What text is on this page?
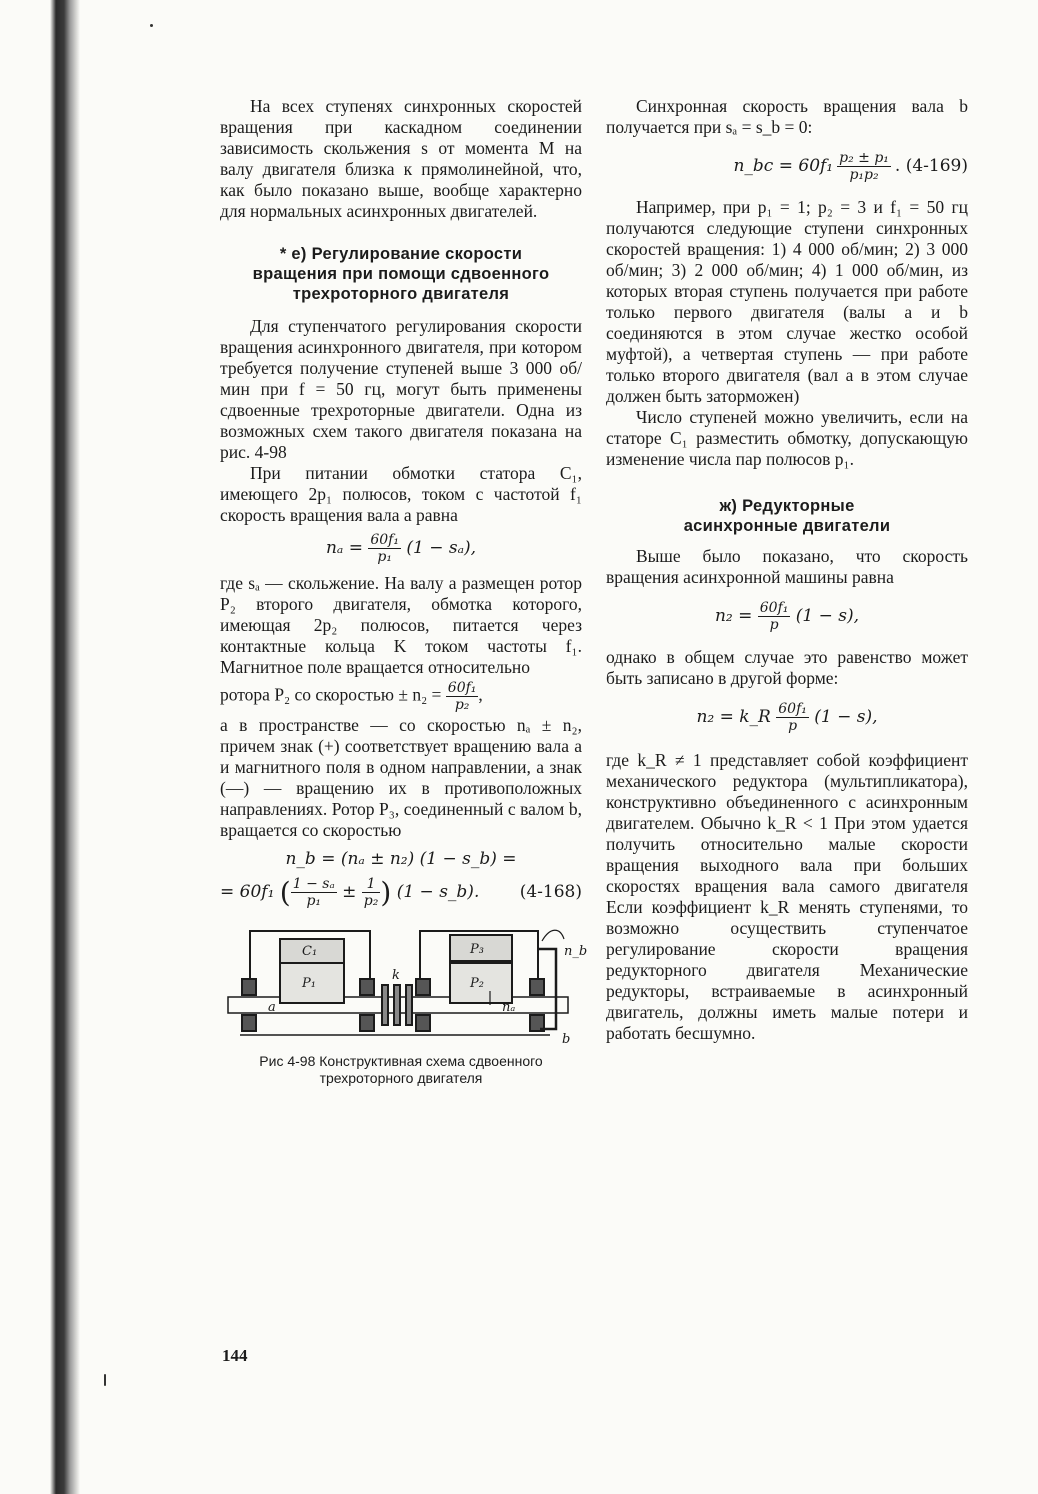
На всех ступенях синхронных скоростей вращения при каскадном соединении зависимость скольжения s от момента M на валу двигателя близка к прямолинейной, что, как было показано выше, вообще характерно для нормальных асинхронных двигателей.

* е) Регулирование скорости
вращения при помощи сдвоенного
трехроторного двигателя

Для ступенчатого регулирования скорости вращения асинхронного двигателя, при котором требуется получение ступеней выше 3 000 об/мин при f = 50 гц, могут быть применены сдвоенные трехроторные двигатели. Одна из возможных схем такого двигателя показана на рис. 4-98

При питании обмотки статора C₁, имеющего 2p₁ полюсов, током с частотой f₁ скорость вращения вала a равна

$n_a = \frac{\text{60f₁}}{\text{p₁}} (1 - s_a)$,

где sₐ — скольжение. На валу a размещен ротор P₂ второго двигателя, обмотка которого, имеющая 2p₂ полюсов, питается через контактные кольца K током частоты f₁. Магнитное поле вращается относительно

ротора P₂ со скоростью ± $n_2 = \frac{\text{60f₁}}{\text{p₂}}$ ,

а в пространстве — со скоростью nₐ ± n₂, причем знак (+) соответствует вращению вала a и магнитного поля в одном направлении, а знак (—) — вращению их в противоположных направлениях. Ротор P₃, соединенный с валом b, вращается со скоростью

n_b = (nₐ ± n₂) (1 − s_b) =
= 60f₁ ( $\frac{\text{1 − sₐ}}{\text{p₁}} \pm \frac{1}{\text{p₂}}$ ) (1 − s_b). (4-168)
C₁
P₁
P₃
P₂
k
a
b
n_b
nₐ
Рис 4-98 Конструктивная схема сдвоенного
трехроторного двигателя
144

Синхронная скорость вращения вала b получается при sₐ = s_b = 0:

n_bc = $60f_1 \frac{\text{p₂ ± p₁}}{\text{p₁p₂}}$ . (4-169)

Например, при p₁ = 1; p₂ = 3 и f₁ = 50 гц получаются следующие ступени синхронных скоростей вращения: 1) 4 000 об/мин; 2) 3 000 об/мин; 3) 2 000 об/мин; 4) 1 000 об/мин, из которых вторая ступень получается при работе только первого двигателя (валы a и b соединяются в этом случае жестко особой муфтой), а четвертая ступень — при работе только второго двигателя (вал a в этом случае должен быть заторможен)

Число ступеней можно увеличить, если на статоре C₁ разместить обмотку, допускающую изменение числа пар полюсов p₁.

ж) Редукторные
асинхронные двигатели

Выше было показано, что скорость вращения асинхронной машины равна

$n_2 = \frac{\text{60f₁}}{p} (1 - s)$,

однако в общем случае это равенство может быть записано в другой форме:

n₂ = k_R $\frac{\text{60f₁}}{p} (1 - s)$,

где k_R ≠ 1 представляет собой коэффициент механического редуктора (мультипликатора), конструктивно объединенного с асинхронным двигателем. Обычно k_R < 1 При этом удается получить относительно малые скорости вращения выходного вала при больших скоростях вращения вала самого двигателя Если коэффициент k_R менять ступенями, то возможно осуществить ступенчатое регулирование скорости вращения редукторного двигателя Механические редукторы, встраиваемые в асинхронный двигатель, должны иметь малые потери и работать бесшумно.
